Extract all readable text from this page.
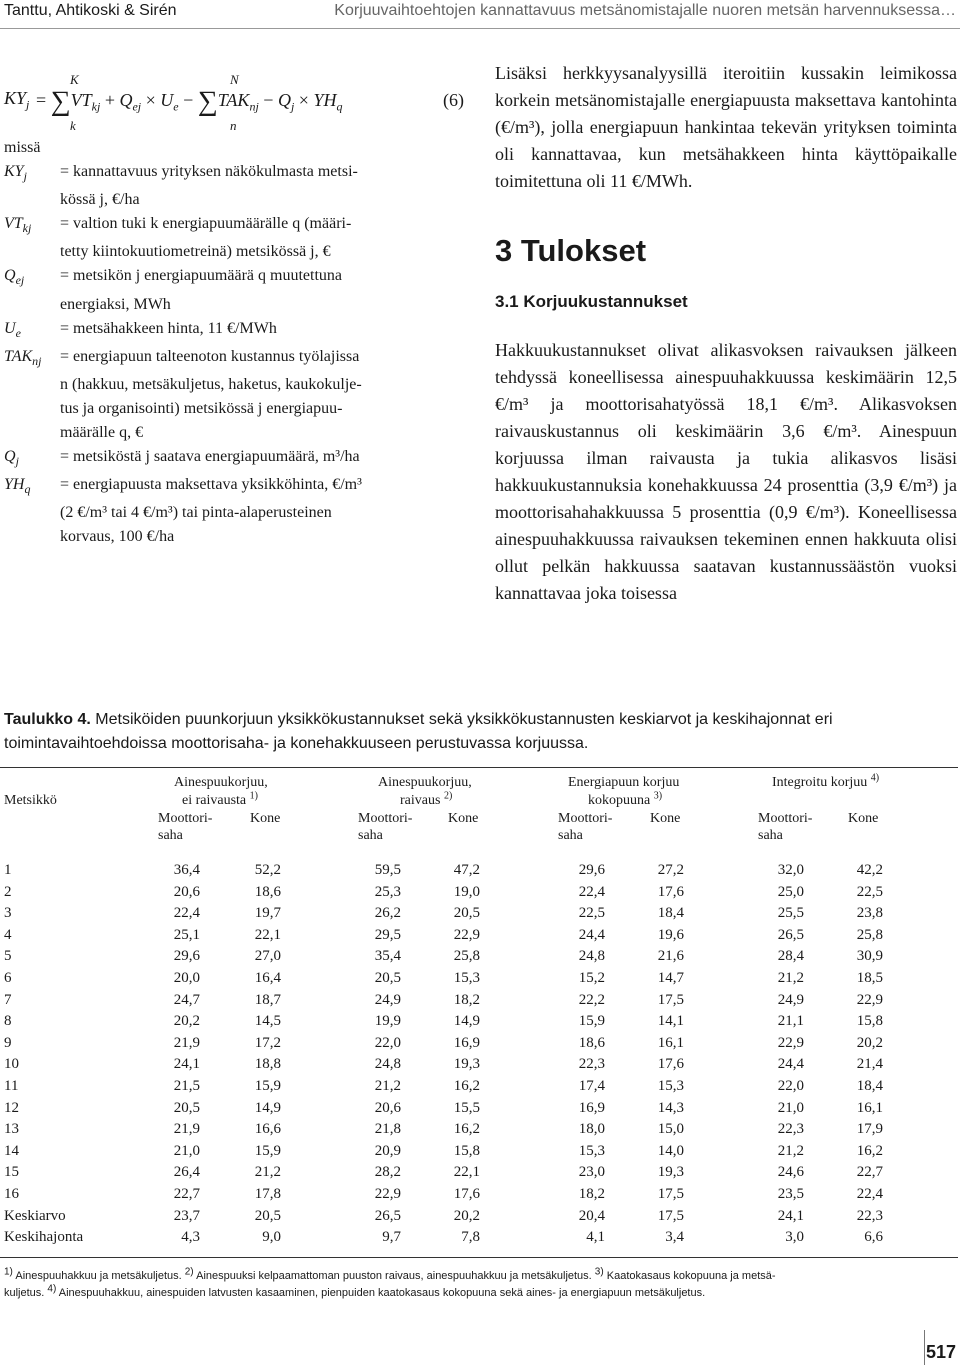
Tanttu, Ahtikoski & Sirén	Korjuuvaihtoehtojen kannattavuus metsänomistajalle nuoren metsän harvennuksessa…
$KY_j$
K
k
N
n
= $\sum VT_{kj} + Q_{ej} \times U_e - \sum TAK_{nj} - Q_j \times YH_q$	(6)
missä
$KY_j$	= kannattavuus yrityksen näkökulmasta metsi-
kössä j, €/ha
$VT_{kj}$	= valtion tuki k energiapuumäärälle q (määri-
tetty kiintokuutiometreinä) metsikössä j, €
$Q_{ej}$	= metsikön j energiapuumäärä q muutettuna
energiaksi, MWh
$U_e$	= metsähakkeen hinta, 11 €/MWh
$TAK_{nj}$	= energiapuun talteenoton kustannus työlajissa
n (hakkuu, metsäkuljetus, haketus, kaukokulje-
tus ja organisointi) metsikössä j energiapuu-
määrälle q, €
$Q_j$	= metsiköstä j saatava energiapuumäärä, m³/ha
$YH_q$	= energiapuusta maksettava yksikköhinta, €/m³
(2 €/m³ tai 4 €/m³) tai pinta-alaperusteinen
korvaus, 100 €/ha

Lisäksi herkkyysanalyysillä iteroitiin kussakin leimikossa korkein metsänomistajalle energiapuusta maksettava kantohinta (€/m³), jolla energiapuun hankintaa tekevän yrityksen toiminta oli kannattavaa, kun metsähakkeen hinta käyttöpaikalle toimitettuna oli 11 €/MWh.

3 Tulokset
3.1 Korjuukustannukset

Hakkuukustannukset olivat alikasvoksen raivauksen jälkeen tehdyssä koneellisessa ainespuuhakkuussa keskimäärin 12,5 €/m³ ja moottorisahatyössä 18,1 €/m³. Alikasvoksen raivauskustannus oli keskimäärin 3,6 €/m³. Ainespuun korjuussa ilman raivausta ja tukia alikasvos lisäsi hakkuukustannuksia konehakkuussa 24 prosenttia (3,9 €/m³) ja moottorisahahakkuussa 5 prosenttia (0,9 €/m³). Koneellisessa ainespuuhakkuussa raivauksen tekeminen ennen hakkuuta olisi ollut pelkän hakkuussa saatavan kustannussäästön vuoksi kannattavaa joka toisessa

Taulukko 4. Metsiköiden puunkorjuun yksikkökustannukset sekä yksikkökustannusten keskiarvot ja keskihajonnat eri toimintavaihtoehdoissa moottorisaha- ja konehakkuuseen perustuvassa korjuussa.
Metsikkö
Ainespuukorjuu,
ei raivausta $^{1)}$
Ainespuukorjuu,
raivaus $^{2)}$
Energiapuun korjuu
kokopuuna $^{3)}$
Integroitu korjuu $^{4)}$
Moottori-
saha
Kone	Moottori-
saha
Kone	Moottori-
saha
Kone	Moottori-
saha
Kone
1	36,4	52,2	59,5	47,2	29,6	27,2	32,0	42,2
2	20,6	18,6	25,3	19,0	22,4	17,6	25,0	22,5
3	22,4	19,7	26,2	20,5	22,5	18,4	25,5	23,8
4	25,1	22,1	29,5	22,9	24,4	19,6	26,5	25,8
5	29,6	27,0	35,4	25,8	24,8	21,6	28,4	30,9
6	20,0	16,4	20,5	15,3	15,2	14,7	21,2	18,5
7	24,7	18,7	24,9	18,2	22,2	17,5	24,9	22,9
8	20,2	14,5	19,9	14,9	15,9	14,1	21,1	15,8
9	21,9	17,2	22,0	16,9	18,6	16,1	22,9	20,2
10	24,1	18,8	24,8	19,3	22,3	17,6	24,4	21,4
11	21,5	15,9	21,2	16,2	17,4	15,3	22,0	18,4
12	20,5	14,9	20,6	15,5	16,9	14,3	21,0	16,1
13	21,9	16,6	21,8	16,2	18,0	15,0	22,3	17,9
14	21,0	15,9	20,9	15,8	15,3	14,0	21,2	16,2
15	26,4	21,2	28,2	22,1	23,0	19,3	24,6	22,7
16	22,7	17,8	22,9	17,6	18,2	17,5	23,5	22,4
Keskiarvo	23,7	20,5	26,5	20,2	20,4	17,5	24,1	22,3
Keskihajonta	4,3	9,0	9,7	7,8	4,1	3,4	3,0	6,6
$^{1)}$ Ainespuuhakkuu ja metsäkuljetus. $^{2)}$ Ainespuuksi kelpaamattoman puuston raivaus, ainespuuhakkuu ja metsäkuljetus. $^{3)}$ Kaatokasaus kokopuuna ja metsä-
kuljetus. $^{4)}$ Ainespuuhakkuu, ainespuiden latvusten kasaaminen, pienpuiden kaatokasaus kokopuuna sekä aines- ja energiapuun metsäkuljetus.
517
